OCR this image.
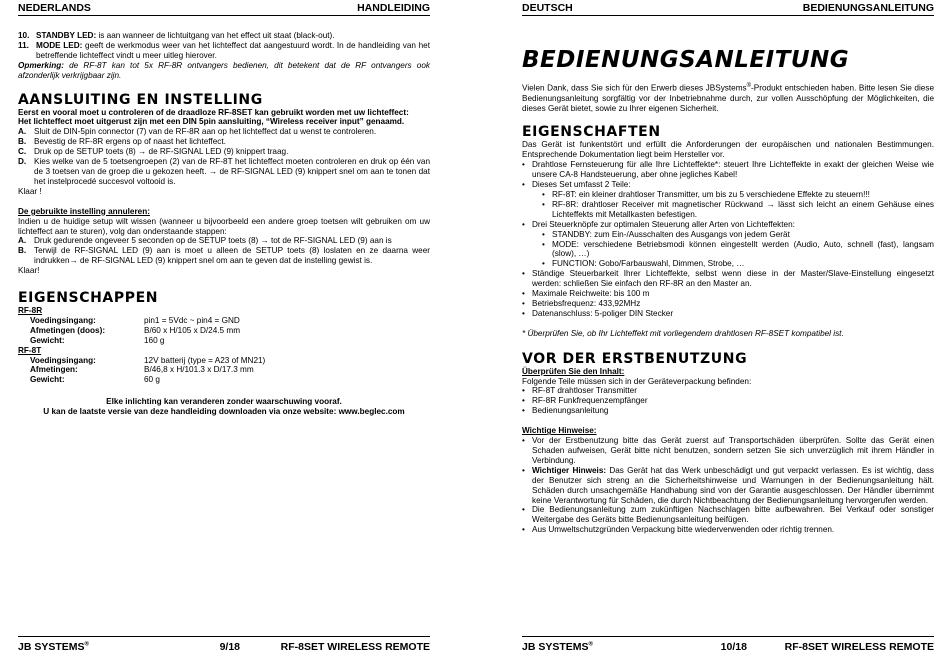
NEDERLANDS	HANDLEIDING
10. STANDBY LED: is aan wanneer de lichtuitgang van het effect uit staat (black-out).
11. MODE LED: geeft de werkmodus weer van het lichteffect dat aangestuurd wordt. In de handleiding van het betreffende lichteffect vindt u meer uitleg hierover.

Opmerking: de RF-8T kan tot 5x RF-8R ontvangers bedienen, dit betekent dat de RF ontvangers ook afzonderlijk verkrijgbaar zijn.

AANSLUITING EN INSTELLING

Eerst en vooral moet u controleren of de draadloze RF-8SET kan gebruikt worden met uw lichteffect:

Het lichteffect moet uitgerust zijn met een DIN 5pin aansluiting, “Wireless receiver input” genaamd.

A. Sluit de DIN-5pin connector (7) van de RF-8R aan op het lichteffect dat u wenst te controleren.
B. Bevestig de RF-8R ergens op of naast het lichteffect.
C. Druk op de SETUP toets (8) → de RF-SIGNAL LED (9) knippert traag.
D. Kies welke van de 5 toetsengroepen (2) van de RF-8T het lichteffect moeten controleren en druk op één van de 3 toetsen van de groep die u gekozen heeft. → de RF-SIGNAL LED (9) knippert snel om aan te tonen dat het instelprocedé succesvol voltooid is.

Klaar !

De gebruikte instelling annuleren:

Indien u de huidige setup wilt wissen (wanneer u bijvoorbeeld een andere groep toetsen wilt gebruiken om uw lichteffect aan te sturen), volg dan onderstaande stappen:

A. Druk gedurende ongeveer 5 seconden op de SETUP toets (8) → tot de RF-SIGNAL LED (9) aan is
B. Terwijl de RF-SIGNAL LED (9) aan is moet u alleen de SETUP toets (8) loslaten en ze daarna weer indrukken→ de RF-SIGNAL LED (9) knippert snel om aan te geven dat de instelling gewist is.

Klaar!

EIGENSCHAPPEN

RF-8R

Voedingsingang:	pin1 = 5Vdc ~ pin4 = GND
Afmetingen (doos):	B/60 x H/105 x D/24.5 mm
Gewicht:	160 g

RF-8T

Voedingsingang:	12V batterij (type = A23 of MN21)
Afmetingen:	B/46,8 x H/101.3 x D/17.3 mm
Gewicht:	60 g

Elke inlichting kan veranderen zonder waarschuwing vooraf.

U kan de laatste versie van deze handleiding downloaden via onze website: www.beglec.com

JB SYSTEMS®	9/18	RF-8SET WIRELESS REMOTE
DEUTSCH	BEDIENUNGSANLEITUNG
BEDIENUNGSANLEITUNG

Vielen Dank, dass Sie sich für den Erwerb dieses JBSystems®-Produkt entschieden haben. Bitte lesen Sie diese Bedienungsanleitung sorgfältig vor der Inbetriebnahme durch, zur vollen Ausschöpfung der Möglichkeiten, die dieses Gerät bietet, sowie zu Ihrer eigenen Sicherheit.

EIGENSCHAFTEN

Das Gerät ist funkentstört und erfüllt die Anforderungen der europäischen und nationalen Bestimmungen. Entsprechende Dokumentation liegt beim Hersteller vor.

• Drahtlose Fernsteuerung für alle Ihre Lichteffekte*: steuert Ihre Lichteffekte in exakt der gleichen Weise wie unsere CA-8 Handsteuerung, aber ohne jegliches Kabel!
• Dieses Set umfasst 2 Teile:
• RF-8T: ein kleiner drahtloser Transmitter, um bis zu 5 verschiedene Effekte zu steuern!!!
• RF-8R: drahtloser Receiver mit magnetischer Rückwand → lässt sich leicht an einem Gehäuse eines Lichteffekts mit Metallkasten befestigen.
• Drei Steuerknöpfe zur optimalen Steuerung aller Arten von Lichteffekten:
• STANDBY: zum Ein-/Ausschalten des Ausgangs von jedem Gerät
• MODE: verschiedene Betriebsmodi können eingestellt werden (Audio, Auto, schnell (fast), langsam (slow), …)
• FUNCTION: Gobo/Farbauswahl, Dimmen, Strobe, …
• Ständige Steuerbarkeit Ihrer Lichteffekte, selbst wenn diese in der Master/Slave-Einstellung eingesetzt werden: schließen Sie einfach den RF-8R an den Master an.
• Maximale Reichweite: bis 100 m
• Betriebsfrequenz: 433,92MHz
• Datenanschluss: 5-poliger DIN Stecker

* Überprüfen Sie, ob Ihr Lichteffekt mit vorliegendem drahtlosen RF-8SET kompatibel ist.

VOR DER ERSTBENUTZUNG

Überprüfen Sie den Inhalt:

Folgende Teile müssen sich in der Geräteverpackung befinden:

• RF-8T drahtloser Transmitter
• RF-8R Funkfrequenzempfänger
• Bedienungsanleitung

Wichtige Hinweise:

• Vor der Erstbenutzung bitte das Gerät zuerst auf Transportschäden überprüfen. Sollte das Gerät einen Schaden aufweisen, Gerät bitte nicht benutzen, sondern setzen Sie sich unverzüglich mit ihrem Händler in Verbindung.
• Wichtiger Hinweis: Das Gerät hat das Werk unbeschädigt und gut verpackt verlassen. Es ist wichtig, dass der Benutzer sich streng an die Sicherheitshinweise und Warnungen in der Bedienungsanleitung hält. Schäden durch unsachgemäße Handhabung sind von der Garantie ausgeschlossen. Der Händler übernimmt keine Verantwortung für Schäden, die durch Nichtbeachtung der Bedienungsanleitung hervorgerufen werden.
• Die Bedienungsanleitung zum zukünftigen Nachschlagen bitte aufbewahren. Bei Verkauf oder sonstiger Weitergabe des Geräts bitte Bedienungsanleitung beifügen.
• Aus Umweltschutzgründen Verpackung bitte wiederverwenden oder richtig trennen.
JB SYSTEMS®	10/18	RF-8SET WIRELESS REMOTE
